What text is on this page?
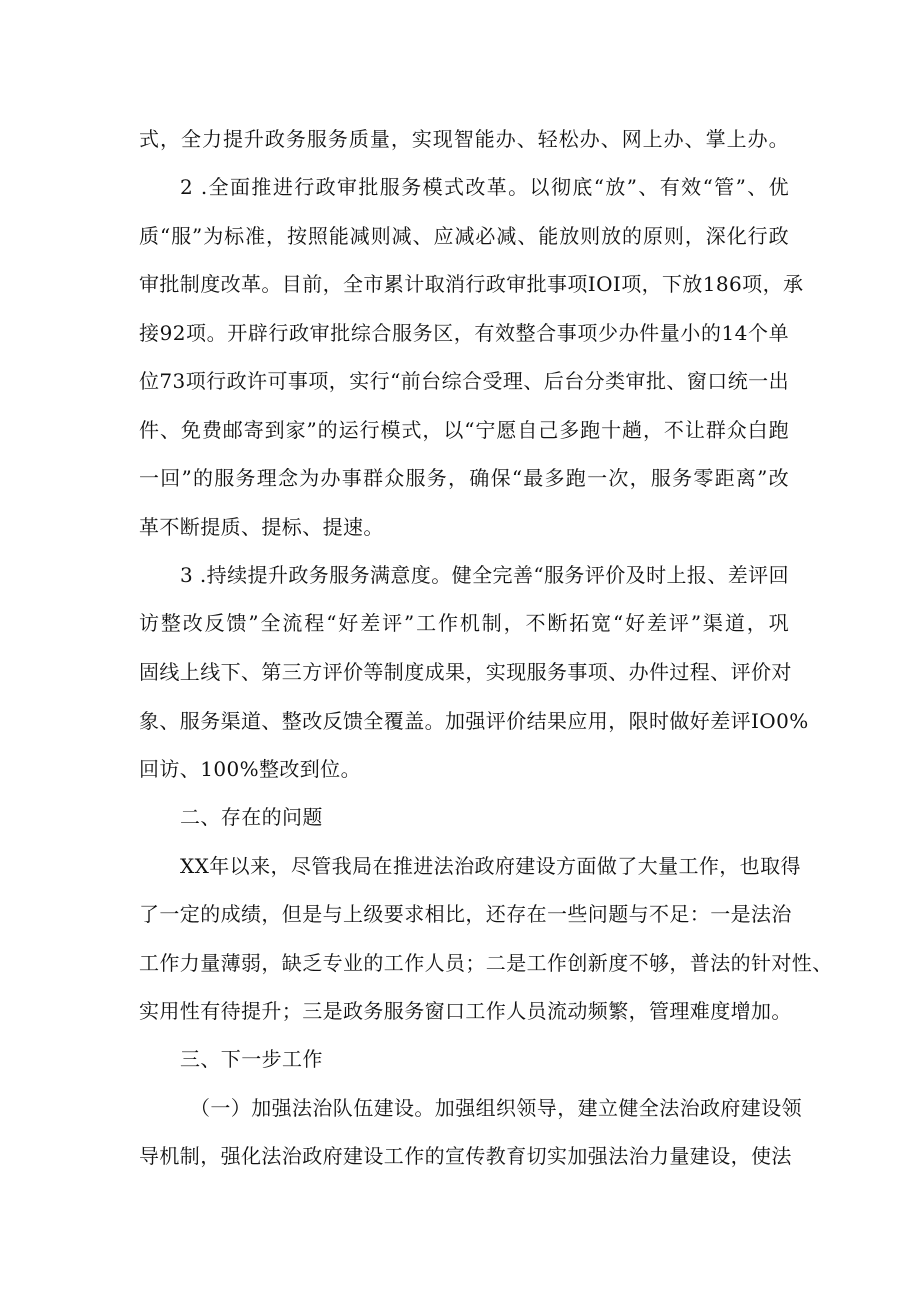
式，全力提升政务服务质量，实现智能办、轻松办、网上办、掌上办。
2 .全面推进行政审批服务模式改革。以彻底“放”、有效“管”、优
质“服”为标准，按照能减则减、应减必减、能放则放的原则，深化行政
审批制度改革。目前，全市累计取消行政审批事项IOI项，下放186项，承
接92项。开辟行政审批综合服务区，有效整合事项少办件量小的14个单
位73项行政许可事项，实行“前台综合受理、后台分类审批、窗口统一出
件、免费邮寄到家”的运行模式，以“宁愿自己多跑十趟，不让群众白跑
一回”的服务理念为办事群众服务，确保“最多跑一次，服务零距离”改
革不断提质、提标、提速。
3 .持续提升政务服务满意度。健全完善“服务评价及时上报、差评回
访整改反馈”全流程“好差评”工作机制，不断拓宽“好差评”渠道，巩
固线上线下、第三方评价等制度成果，实现服务事项、办件过程、评价对
象、服务渠道、整改反馈全覆盖。加强评价结果应用，限时做好差评IO0%
回访、100%整改到位。
二、存在的问题
XX年以来，尽管我局在推进法治政府建设方面做了大量工作，也取得
了一定的成绩，但是与上级要求相比，还存在一些问题与不足：一是法治
工作力量薄弱，缺乏专业的工作人员；二是工作创新度不够，普法的针对性、
实用性有待提升；三是政务服务窗口工作人员流动频繁，管理难度增加。
三、下一步工作
（一）加强法治队伍建设。加强组织领导，建立健全法治政府建设领
导机制，强化法治政府建设工作的宣传教育切实加强法治力量建设，使法
